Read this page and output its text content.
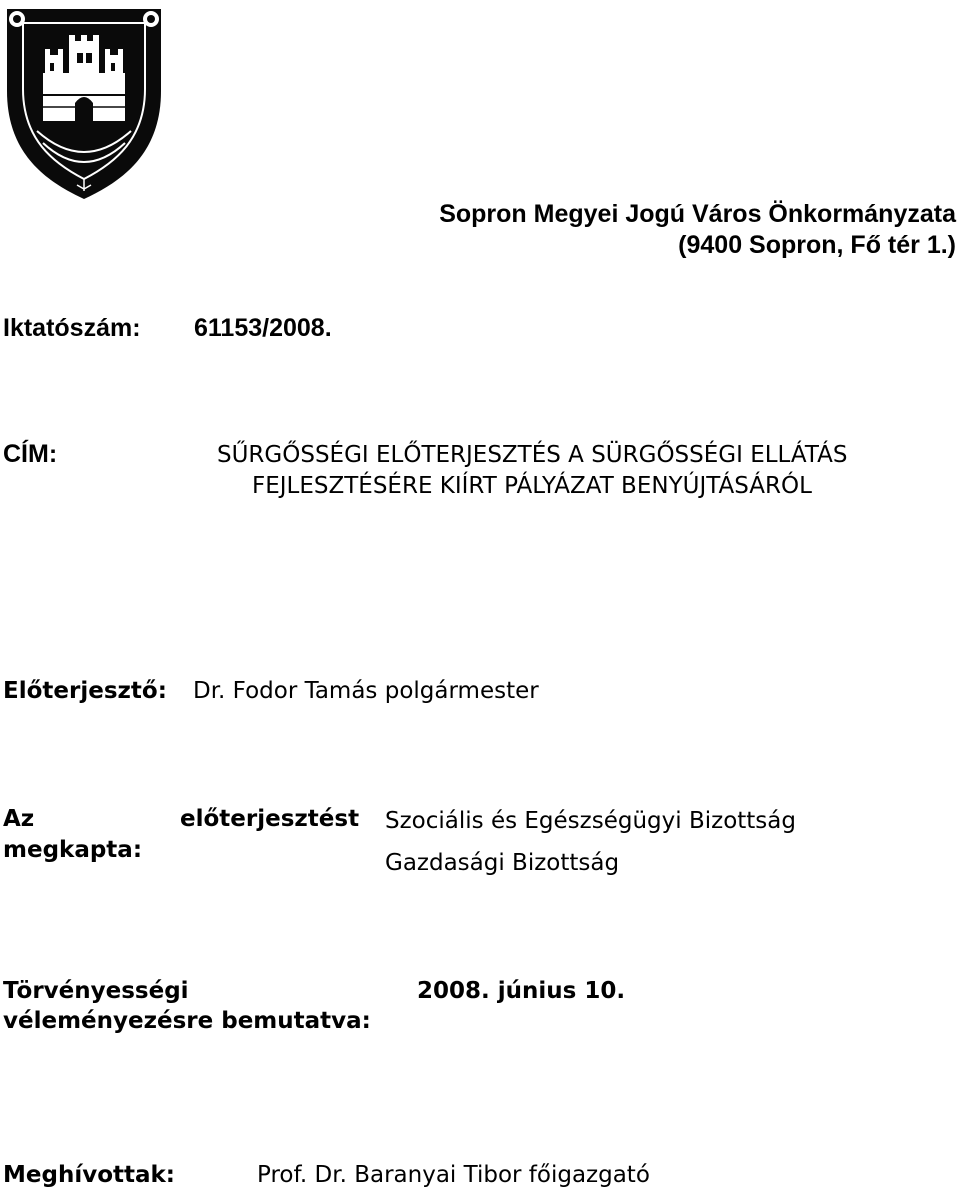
Sopron Megyei Jogú Város Önkormányzata
(9400 Sopron, Fő tér 1.)
Iktatószám: 61153/2008.
CÍM:	SŰRGŐSSÉGI ELŐTERJESZTÉS A SÜRGŐSSÉGI ELLÁTÁS
FEJLESZTÉSÉRE KIÍRT PÁLYÁZAT BENYÚJTÁSÁRÓL
Előterjesztő: Dr. Fodor Tamás polgármester
Az
megkapta:
előterjesztést Szociális és Egészségügyi Bizottság
Gazdasági Bizottság
Törvényességi
véleményezésre bemutatva:
2008. június 10.
Meghívottak:	Prof. Dr. Baranyai Tibor főigazgató
